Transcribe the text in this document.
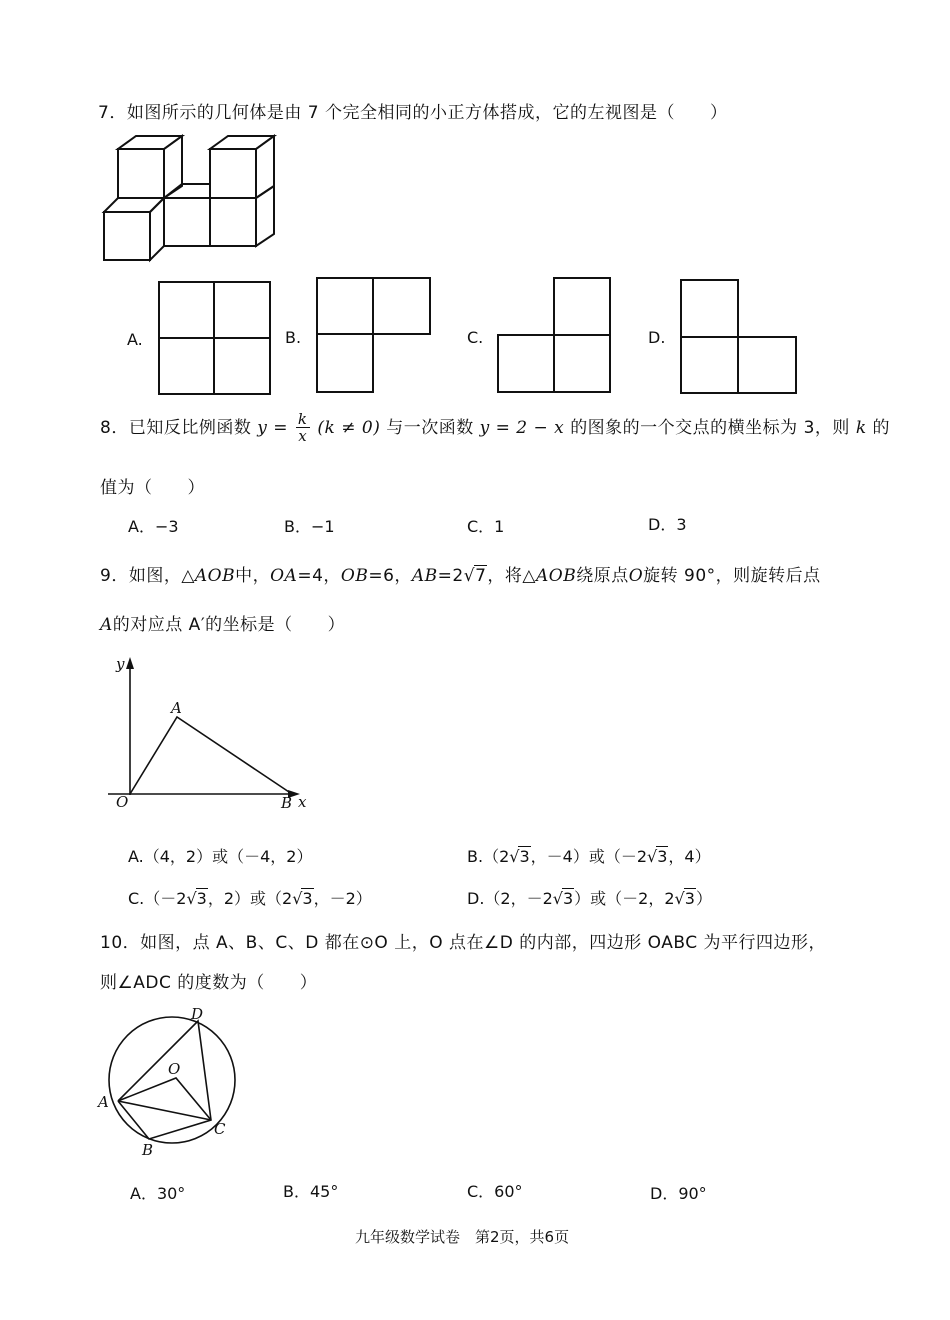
7．如图所示的几何体是由 7 个完全相同的小正方体搭成，它的左视图是（　　）
A.	B.	C.	D.
8．已知反比例函数 $y = \frac{k}{x} (k \ne 0)$ 与一次函数 y = 2 − x 的图象的一个交点的横坐标为 3，则 k 的
值为（　　）
A．−3	B．−1	C．1	D．3
9．如图，△AOB中，OA=4，OB=6，AB=2√7，将△AOB绕原点O旋转 90°，则旋转后点
A的对应点 A′的坐标是（　　）
y
x
A
O	B
A.（4，2）或（－4，2）	B.（2√3，－4）或（－2√3，4）
C.（－2√3，2）或（2√3，－2）	D.（2，－2√3）或（－2，2√3）
10．如图，点 A、B、C、D 都在⊙O 上，O 点在∠D 的内部，四边形 OABC 为平行四边形，
则∠ADC 的度数为（　　）
D
O
A
C
B
A．30°	B．45°	C．60°	D．90°
九年级数学试卷　第2页，共6页
